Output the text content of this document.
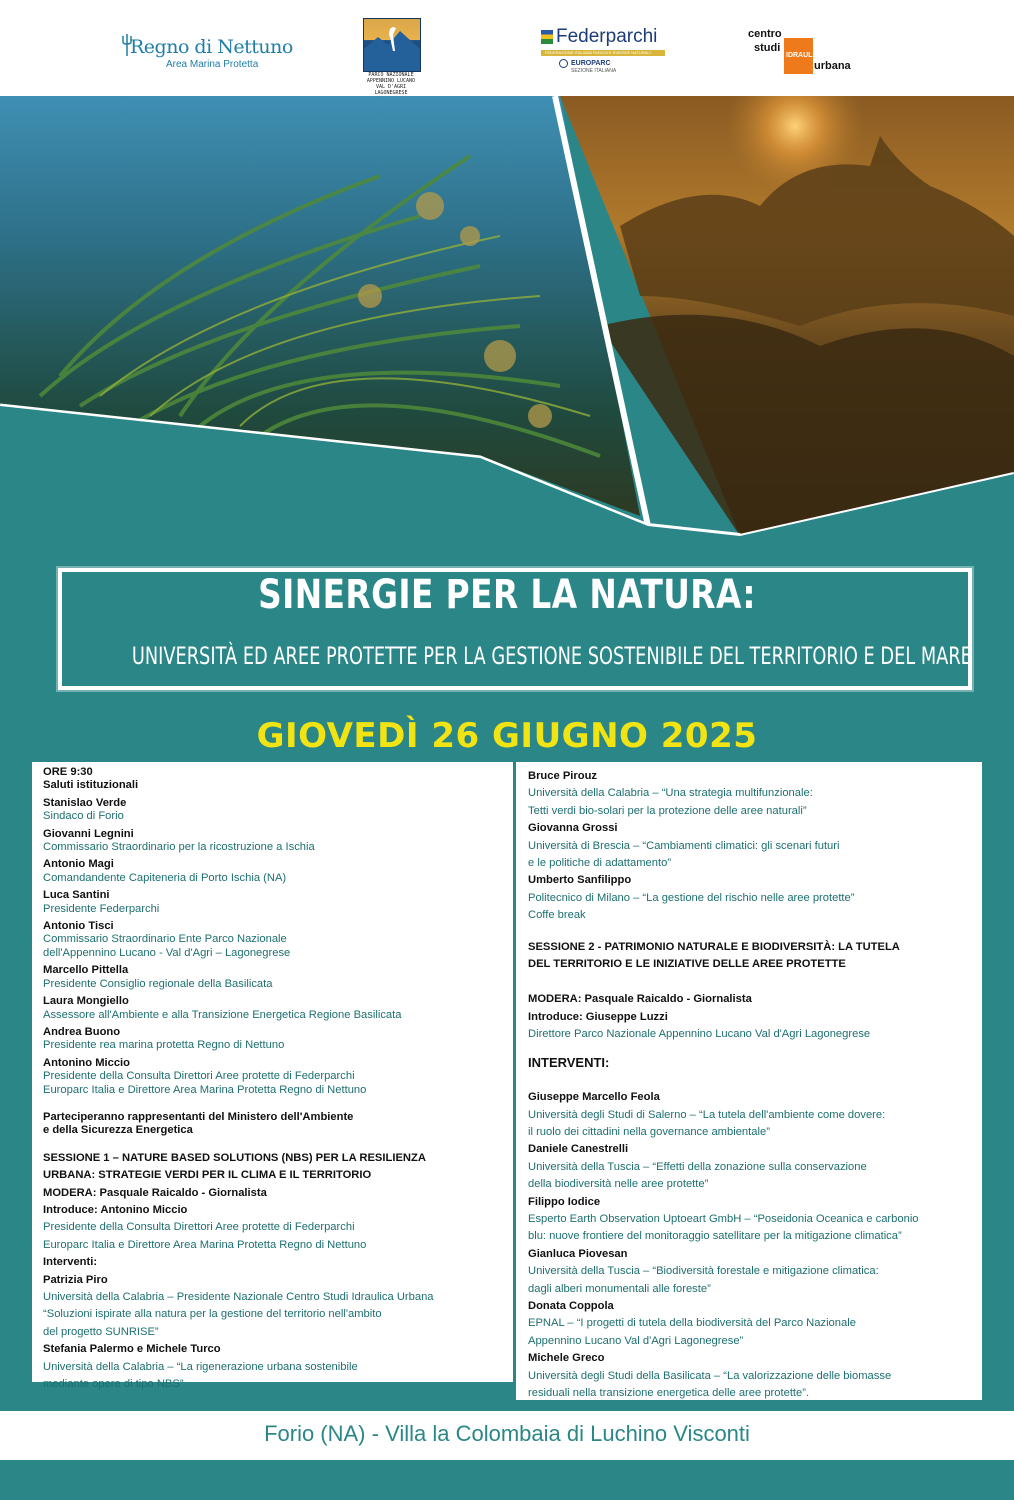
Regno di Nettuno
Area Marina Protetta
PARCO NAZIONALE APPENNINO LUCANO VAL D'AGRI LAGONEGRESE
Federparchi
FEDERAZIONE ITALIANA PARCHI E RISERVE NATURALI
EUROPARC
SEZIONE ITALIANA
centro
studi
IDRAULICA
urbana
SINERGIE PER LA NATURA:
UNIVERSITÀ ED AREE PROTETTE PER LA GESTIONE SOSTENIBILE DEL TERRITORIO E DEL MARE
GIOVEDÌ 26 GIUGNO 2025
ORE 9:30
Saluti istituzionali
Stanislao Verde
Sindaco di Forio
Giovanni Legnini
Commissario Straordinario per la ricostruzione a Ischia
Antonio Magi
Comandandente Capiteneria di Porto Ischia (NA)
Luca Santini
Presidente Federparchi
Antonio Tisci
Commissario Straordinario Ente Parco Nazionale
dell'Appennino Lucano - Val d'Agri – Lagonegrese
Marcello Pittella
Presidente Consiglio regionale della Basilicata
Laura Mongiello
Assessore all'Ambiente e alla Transizione Energetica Regione Basilicata
Andrea Buono
Presidente rea marina protetta Regno di Nettuno
Antonino Miccio
Presidente della Consulta Direttori Aree protette di Federparchi
Europarc Italia e Direttore Area Marina Protetta Regno di Nettuno
Parteciperanno rappresentanti del Ministero dell'Ambiente
e della Sicurezza Energetica
SESSIONE 1 – NATURE BASED SOLUTIONS (NBS) PER LA RESILIENZA
URBANA: STRATEGIE VERDI PER IL CLIMA E IL TERRITORIO
MODERA: Pasquale Raicaldo - Giornalista
Introduce: Antonino Miccio
Presidente della Consulta Direttori Aree protette di Federparchi
Europarc Italia e Direttore Area Marina Protetta Regno di Nettuno
Interventi:
Patrizia Piro
Università della Calabria – Presidente Nazionale Centro Studi Idraulica Urbana
“Soluzioni ispirate alla natura per la gestione del territorio nell'ambito
del progetto SUNRISE”
Stefania Palermo e Michele Turco
Università della Calabria – “La rigenerazione urbana sostenibile
mediante opere di tipo NBS”
Bruce Pirouz
Università della Calabria – “Una strategia multifunzionale:
Tetti verdi bio-solari per la protezione delle aree naturali”
Giovanna Grossi
Università di Brescia – “Cambiamenti climatici: gli scenari futuri
e le politiche di adattamento”
Umberto Sanfilippo
Politecnico di Milano – “La gestione del rischio nelle aree protette”
Coffe break
SESSIONE 2 - PATRIMONIO NATURALE E BIODIVERSITÀ: LA TUTELA
DEL TERRITORIO E LE INIZIATIVE DELLE AREE PROTETTE
MODERA: Pasquale Raicaldo - Giornalista
Introduce: Giuseppe Luzzi
Direttore Parco Nazionale Appennino Lucano Val d'Agri Lagonegrese
INTERVENTI:
Giuseppe Marcello Feola
Università degli Studi di Salerno – “La tutela dell'ambiente come dovere:
il ruolo dei cittadini nella governance ambientale”
Daniele Canestrelli
Università della Tuscia – “Effetti della zonazione sulla conservazione
della biodiversità nelle aree protette”
Filippo Iodice
Esperto Earth Observation Uptoeart GmbH – “Poseidonia Oceanica e carbonio
blu: nuove frontiere del monitoraggio satellitare per la mitigazione climatica”
Gianluca Piovesan
Università della Tuscia – “Biodiversità forestale e mitigazione climatica:
dagli alberi monumentali alle foreste”
Donata Coppola
EPNAL – “I progetti di tutela della biodiversità del Parco Nazionale
Appennino Lucano Val d'Agri Lagonegrese”
Michele Greco
Università degli Studi della Basilicata – “La valorizzazione delle biomasse
residuali nella transizione energetica delle aree protette”.
Forio (NA) - Villa la Colombaia di Luchino Visconti
